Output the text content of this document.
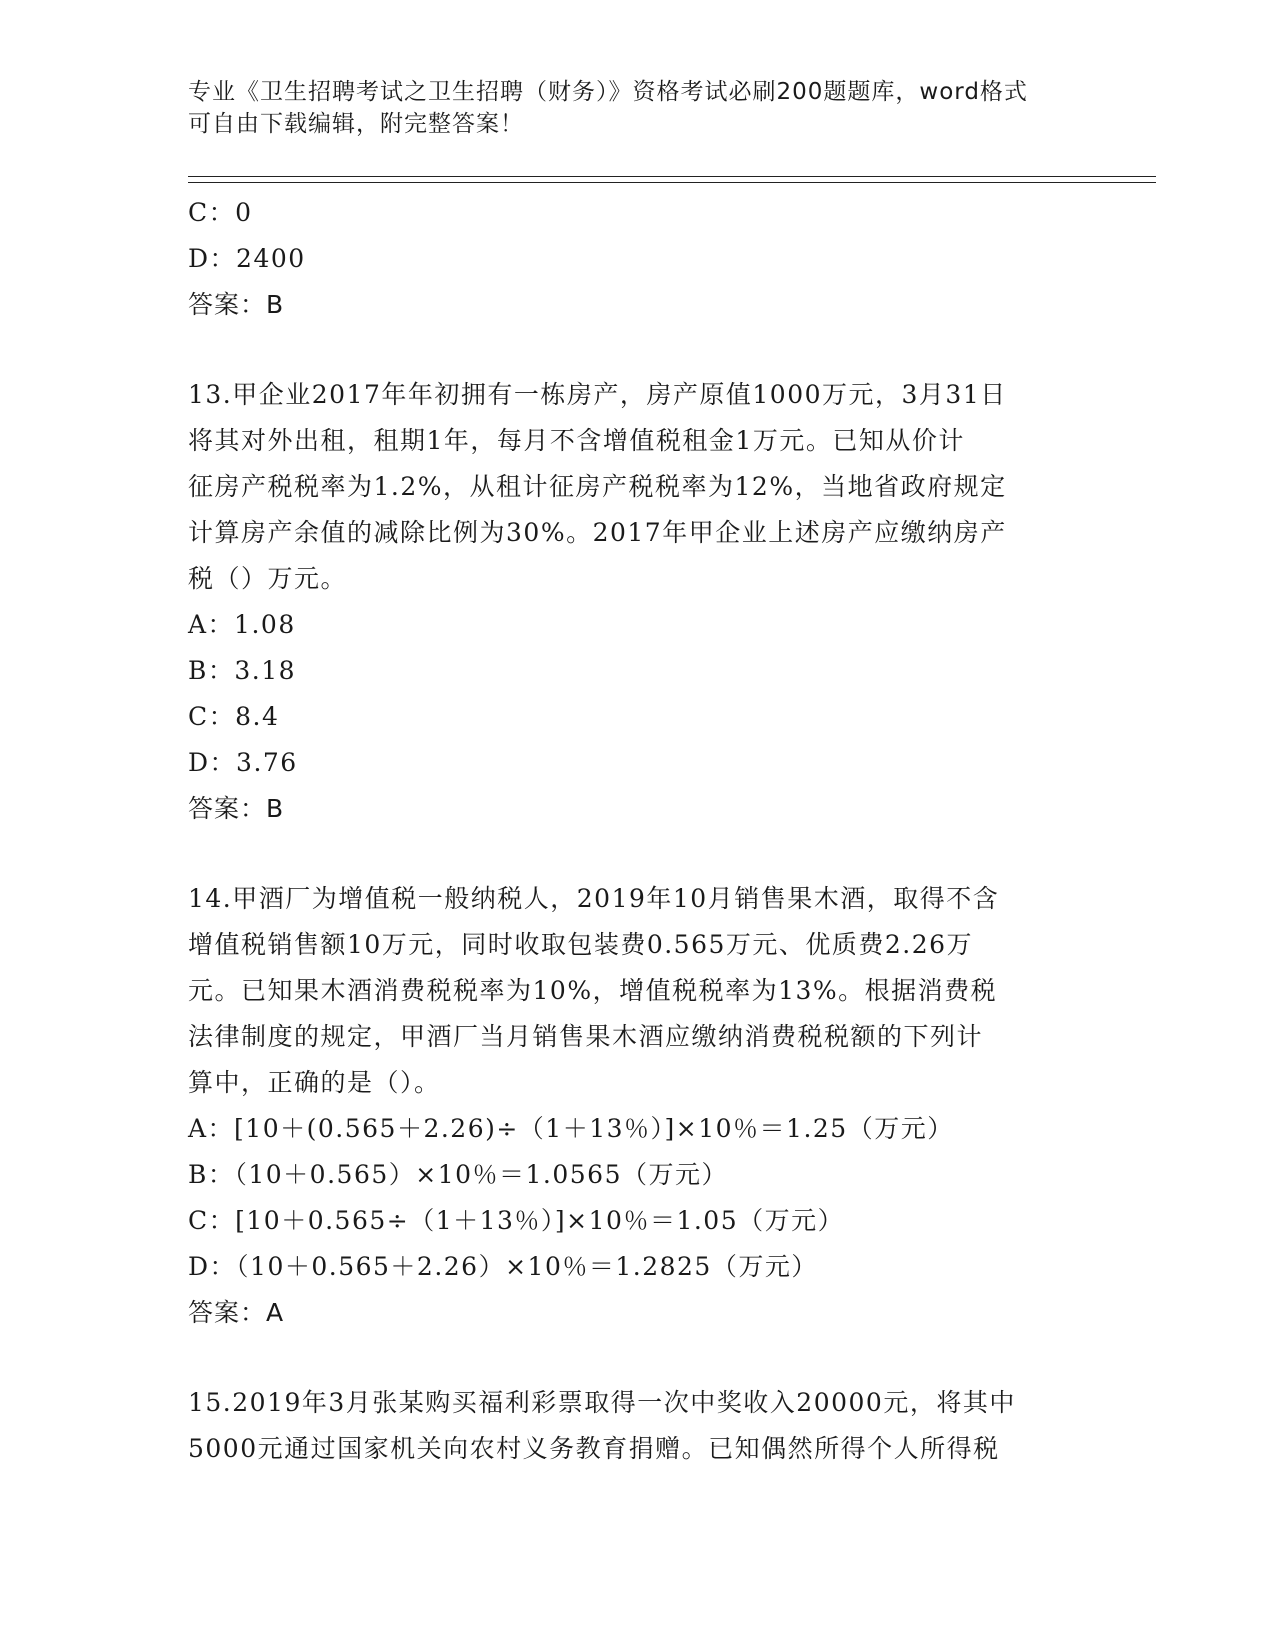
专业《卫生招聘考试之卫生招聘（财务）》资格考试必刷200题题库，word格式
可自由下载编辑，附完整答案！
C：0
D：2400
答案：B
13.甲企业2017年年初拥有一栋房产，房产原值1000万元，3月31日
将其对外出租，租期1年，每月不含增值税租金1万元。已知从价计
征房产税税率为1.2%，从租计征房产税税率为12%，当地省政府规定
计算房产余值的减除比例为30%。2017年甲企业上述房产应缴纳房产
税（）万元。
A：1.08
B：3.18
C：8.4
D：3.76
答案：B
14.甲酒厂为增值税一般纳税人，2019年10月销售果木酒，取得不含
增值税销售额10万元，同时收取包装费0.565万元、优质费2.26万
元。已知果木酒消费税税率为10%，增值税税率为13%。根据消费税
法律制度的规定，甲酒厂当月销售果木酒应缴纳消费税税额的下列计
算中，正确的是（）。
A：[10＋(0.565＋2.26)÷（1＋13％）]×10％＝1.25（万元）
B：（10＋0.565）×10％＝1.0565（万元）
C：[10＋0.565÷（1＋13％）]×10％＝1.05（万元）
D：（10＋0.565＋2.26）×10％＝1.2825（万元）
答案：A
15.2019年3月张某购买福利彩票取得一次中奖收入20000元，将其中
5000元通过国家机关向农村义务教育捐赠。已知偶然所得个人所得税
